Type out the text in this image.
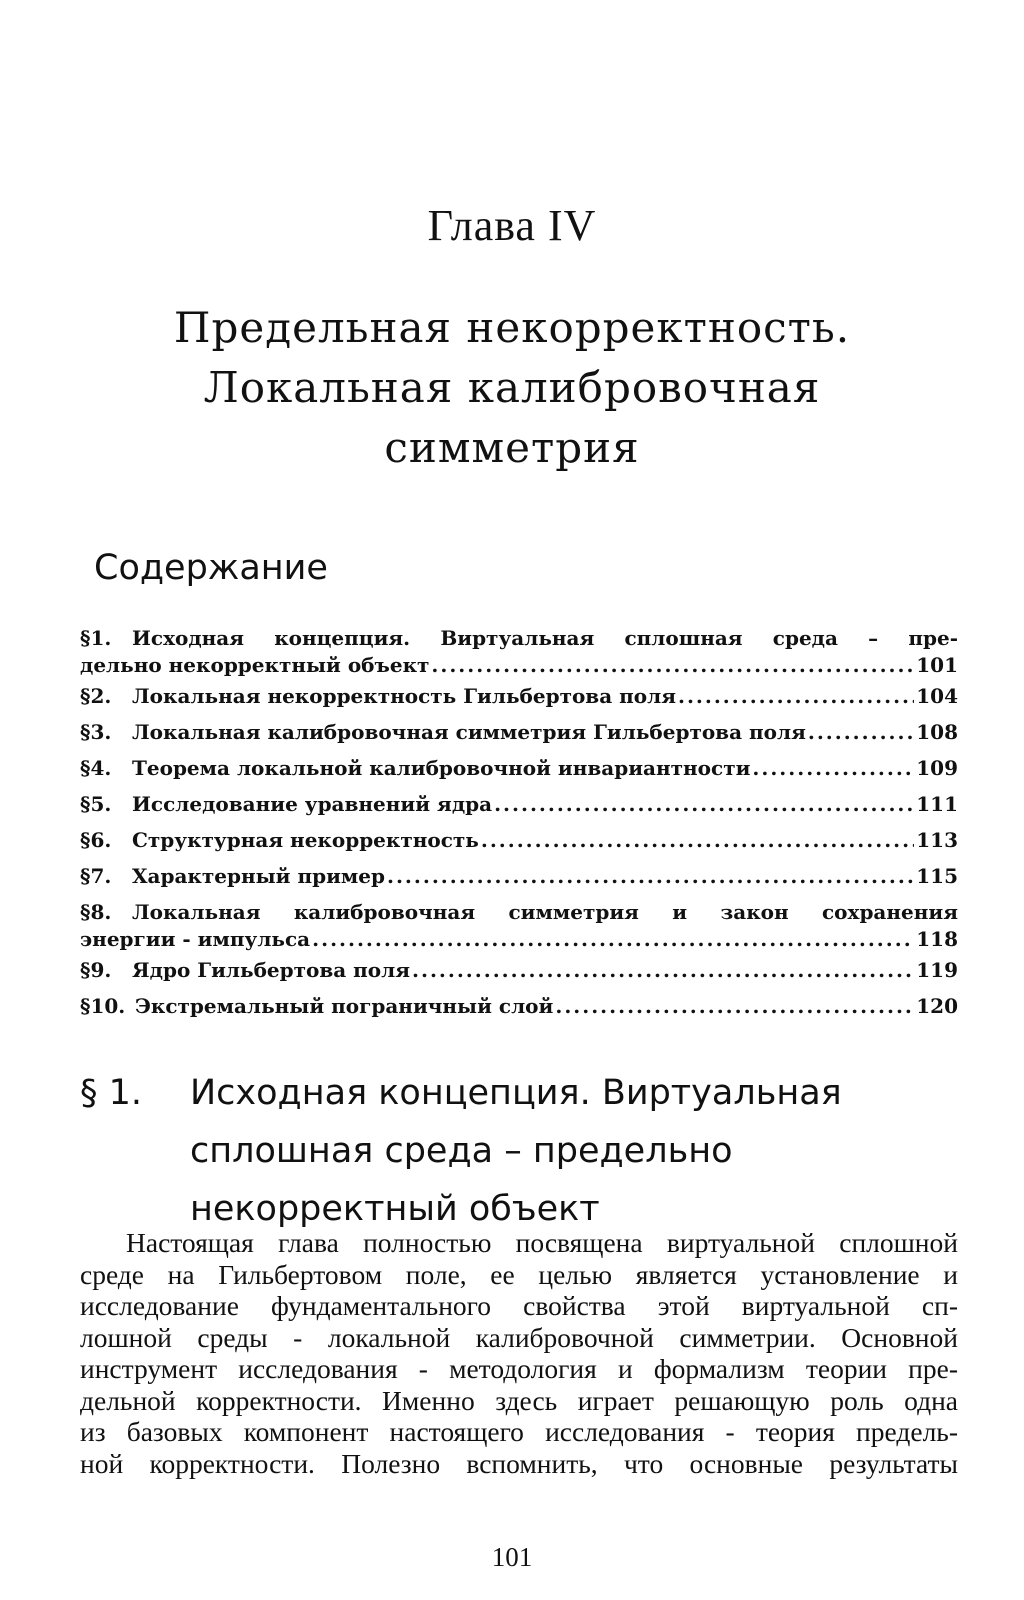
Глава IV
Предельная некорректность.
Локальная калибровочная
симметрия
Содержание
§1.	Исходная концепция. Виртуальная сплошная среда – пре-
дельно некорректный объект .....	101
§2.	Локальная некорректность Гильбертова поля .....	104
§3.	Локальная калибровочная симметрия Гильбертова поля .....	108
§4.	Теорема локальной калибровочной инвариантности .....	109
§5.	Исследование уравнений ядра .....	111
§6.	Структурная некорректность .....	113
§7.	Характерный пример .....	115
§8.	Локальная калибровочная симметрия и закон сохранения
энергии - импульса .....	118
§9.	Ядро Гильбертова поля .....	119
§10. Экстремальный пограничный слой .....	120
§ 1.	Исходная концепция. Виртуальная
сплошная среда – предельно
некорректный объект
Настоящая глава полностью посвящена виртуальной сплошной
среде на Гильбертовом поле, ее целью является установление и
исследование фундаментального свойства этой виртуальной сп-
лошной среды - локальной калибровочной симметрии. Основной
инструмент исследования - методология и формализм теории пре-
дельной корректности. Именно здесь играет решающую роль одна
из базовых компонент настоящего исследования - теория предель-
ной корректности. Полезно вспомнить, что основные результаты
101
